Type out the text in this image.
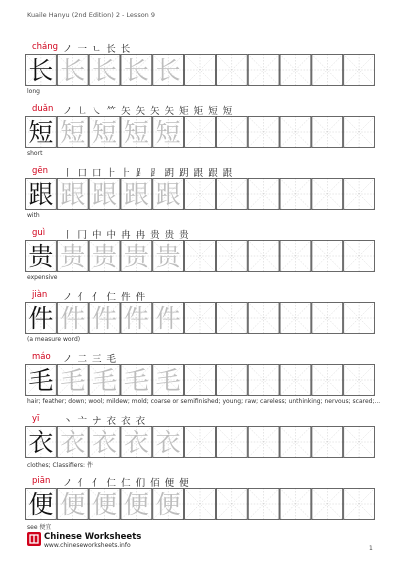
Kuaile Hanyu (2nd Edition) 2 - Lesson 9
cháng ノ 一 ㄴ 长 长
长 长 长 长 长
long
duǎn ノ ㇗ ㇏ ⺮ 矢 矢 矢 矢 矩 矩 短 短
短 短 短 短 短
short
gēn 丨 口 口 ⺊ ⺊ ⻊ ⻊ 跀 跀 跟 跟 跟
跟 跟 跟 跟 跟
with
guì 丨 冂 中 中 冉 冉 贵 贵 贵
贵 贵 贵 贵 贵
expensive
jiàn ノ 亻 亻 仁 件 件
件 件 件 件 件
(a measure word)
máo ノ 二 三 毛
毛 毛 毛 毛 毛
hair; feather; down; wool; mildew; mold; coarse or semifinished; young; raw; careless; unthinking; nervous; scared;...
yī 丶 亠 ナ 衣 衣 衣
衣 衣 衣 衣 衣
clothes; Classifiers: 件
piān ノ 亻 亻 仁 仁 们 佰 便 便
便 便 便 便 便
see 便宜
Chinese Worksheets
www.chineseworksheets.info	1
